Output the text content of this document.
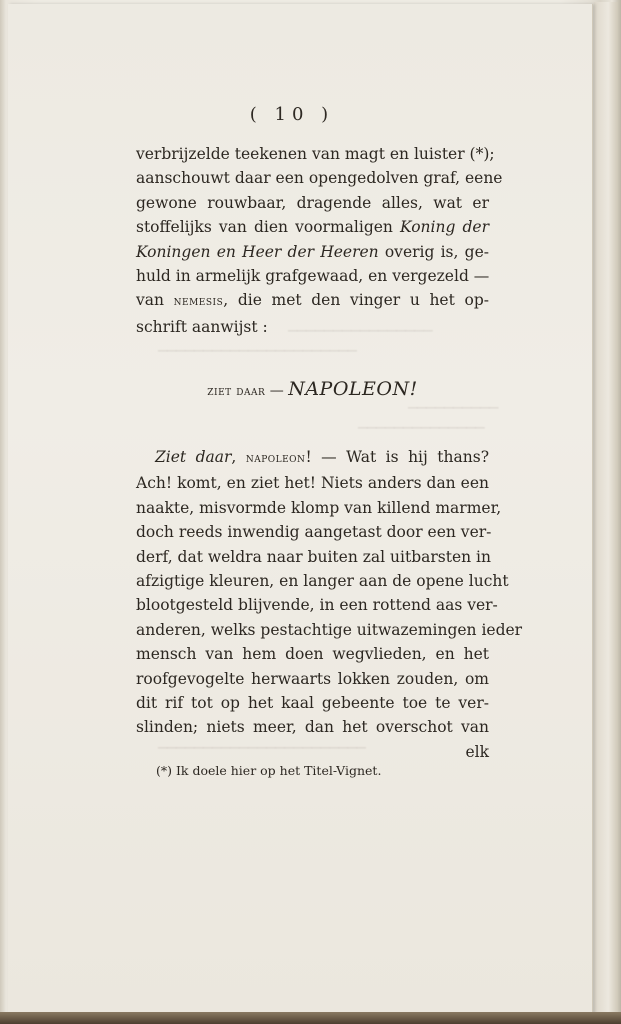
────────────────
──────────────────────
──────────
──────────────
───────────────────────
( 10 )
verbrijzelde teekenen van magt en luister (*);
aanschouwt daar een opengedolven graf, eene
gewone rouwbaar, dragende alles, wat er
stoffelijks van dien voormaligen Koning der
Koningen en Heer der Heeren overig is, ge-
huld in armelijk grafgewaad, en vergezeld —
van nemesis, die met den vinger u het op-
schrift aanwijst :
ziet daar — NAPOLEON!
Ziet daar, napoleon! — Wat is hij thans?
Ach! komt, en ziet het! Niets anders dan een
naakte, misvormde klomp van killend marmer,
doch reeds inwendig aangetast door een ver-
derf, dat weldra naar buiten zal uitbarsten in
afzigtige kleuren, en langer aan de opene lucht
blootgesteld blijvende, in een rottend aas ver-
anderen, welks pestachtige uitwazemingen ieder
mensch van hem doen wegvlieden, en het
roofgevogelte herwaarts lokken zouden, om
dit rif tot op het kaal gebeente toe te ver-
slinden; niets meer, dan het overschot van
elk
(*) Ik doele hier op het Titel-Vignet.
